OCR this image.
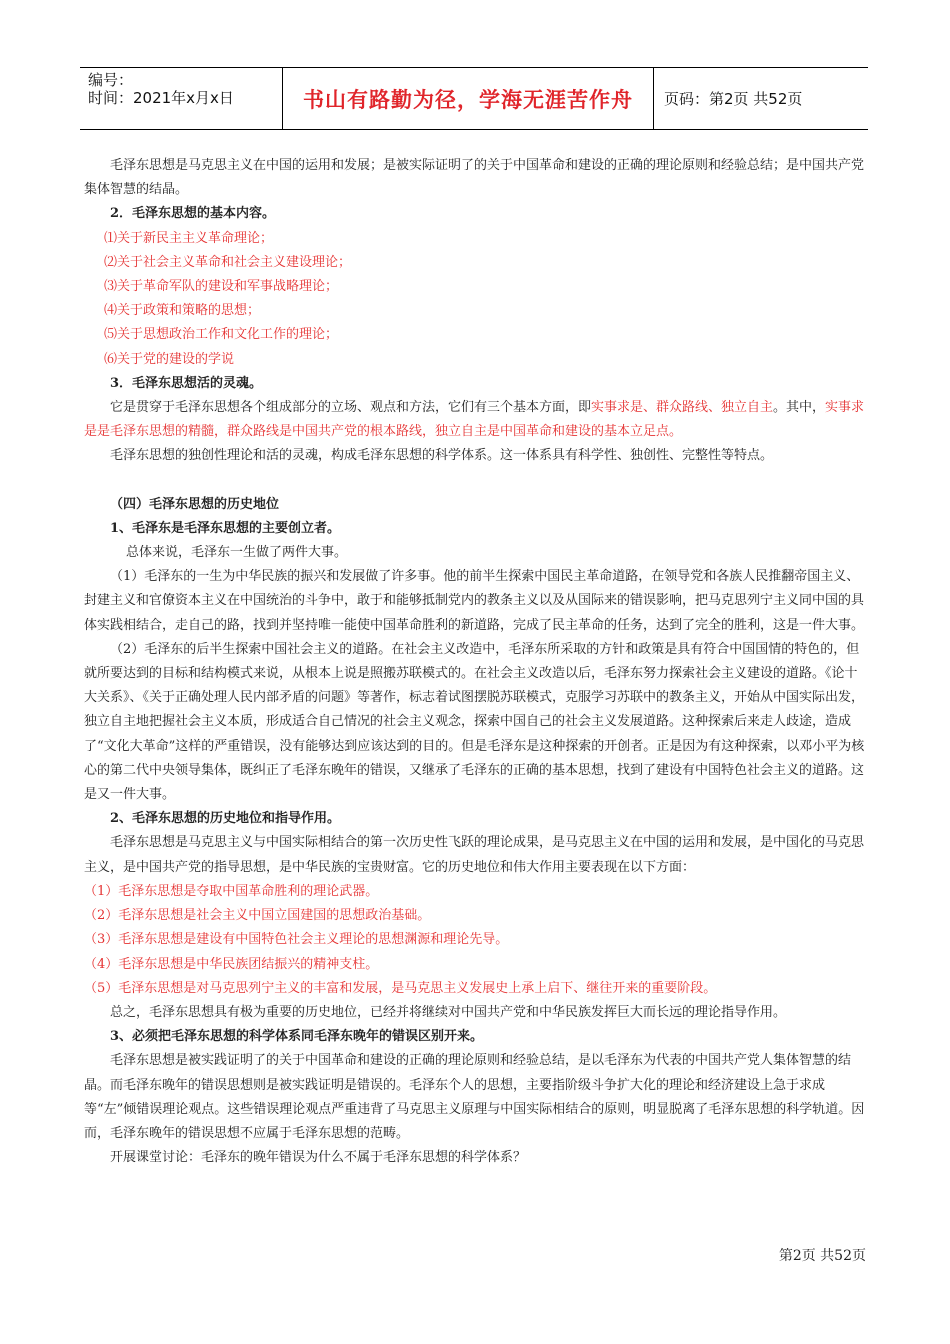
编号：
时间：2021年x月x日	书山有路勤为径，学海无涯苦作舟	页码：第2页 共52页

毛泽东思想是马克思主义在中国的运用和发展；是被实际证明了的关于中国革命和建设的正确的理论原则和经验总结；是中国共产党集体智慧的结晶。

2．毛泽东思想的基本内容。

⑴关于新民主主义革命理论；

⑵关于社会主义革命和社会主义建设理论；

⑶关于革命军队的建设和军事战略理论；

⑷关于政策和策略的思想；

⑸关于思想政治工作和文化工作的理论；

⑹关于党的建设的学说

3．毛泽东思想活的灵魂。

它是贯穿于毛泽东思想各个组成部分的立场、观点和方法，它们有三个基本方面，即实事求是、群众路线、独立自主。其中，实事求是是毛泽东思想的精髓，群众路线是中国共产党的根本路线，独立自主是中国革命和建设的基本立足点。

毛泽东思想的独创性理论和活的灵魂，构成毛泽东思想的科学体系。这一体系具有科学性、独创性、完整性等特点。

（四）毛泽东思想的历史地位

1、毛泽东是毛泽东思想的主要创立者。

总体来说，毛泽东一生做了两件大事。

（1）毛泽东的一生为中华民族的振兴和发展做了许多事。他的前半生探索中国民主革命道路，在领导党和各族人民推翻帝国主义、封建主义和官僚资本主义在中国统治的斗争中，敢于和能够抵制党内的教条主义以及从国际来的错误影响，把马克思列宁主义同中国的具体实践相结合，走自己的路，找到并坚持唯一能使中国革命胜利的新道路，完成了民主革命的任务，达到了完全的胜利，这是一件大事。

（2）毛泽东的后半生探索中国社会主义的道路。在社会主义改造中，毛泽东所采取的方针和政策是具有符合中国国情的特色的，但就所要达到的目标和结构模式来说，从根本上说是照搬苏联模式的。在社会主义改造以后，毛泽东努力探索社会主义建设的道路。《论十大关系》、《关于正确处理人民内部矛盾的问题》等著作，标志着试图摆脱苏联模式，克服学习苏联中的教条主义，开始从中国实际出发，独立自主地把握社会主义本质，形成适合自己情况的社会主义观念，探索中国自己的社会主义发展道路。这种探索后来走人歧途，造成了“文化大革命”这样的严重错误，没有能够达到应该达到的目的。但是毛泽东是这种探索的开创者。正是因为有这种探索，以邓小平为核心的第二代中央领导集体，既纠正了毛泽东晚年的错误，又继承了毛泽东的正确的基本思想，找到了建设有中国特色社会主义的道路。这是又一件大事。

2、毛泽东思想的历史地位和指导作用。

毛泽东思想是马克思主义与中国实际相结合的第一次历史性飞跃的理论成果，是马克思主义在中国的运用和发展，是中国化的马克思主义，是中国共产党的指导思想，是中华民族的宝贵财富。它的历史地位和伟大作用主要表现在以下方面：

（1）毛泽东思想是夺取中国革命胜利的理论武器。

（2）毛泽东思想是社会主义中国立国建国的思想政治基础。

（3）毛泽东思想是建设有中国特色社会主义理论的思想渊源和理论先导。

（4）毛泽东思想是中华民族团结振兴的精神支柱。

（5）毛泽东思想是对马克思列宁主义的丰富和发展，是马克思主义发展史上承上启下、继往开来的重要阶段。

总之，毛泽东思想具有极为重要的历史地位，已经并将继续对中国共产党和中华民族发挥巨大而长远的理论指导作用。

3、必须把毛泽东思想的科学体系同毛泽东晚年的错误区别开来。

毛泽东思想是被实践证明了的关于中国革命和建设的正确的理论原则和经验总结，是以毛泽东为代表的中国共产党人集体智慧的结晶。而毛泽东晚年的错误思想则是被实践证明是错误的。毛泽东个人的思想，主要指阶级斗争扩大化的理论和经济建设上急于求成等“左”倾错误理论观点。这些错误理论观点严重违背了马克思主义原理与中国实际相结合的原则，明显脱离了毛泽东思想的科学轨道。因而，毛泽东晚年的错误思想不应属于毛泽东思想的范畴。

开展课堂讨论：毛泽东的晚年错误为什么不属于毛泽东思想的科学体系？

第2页 共52页
